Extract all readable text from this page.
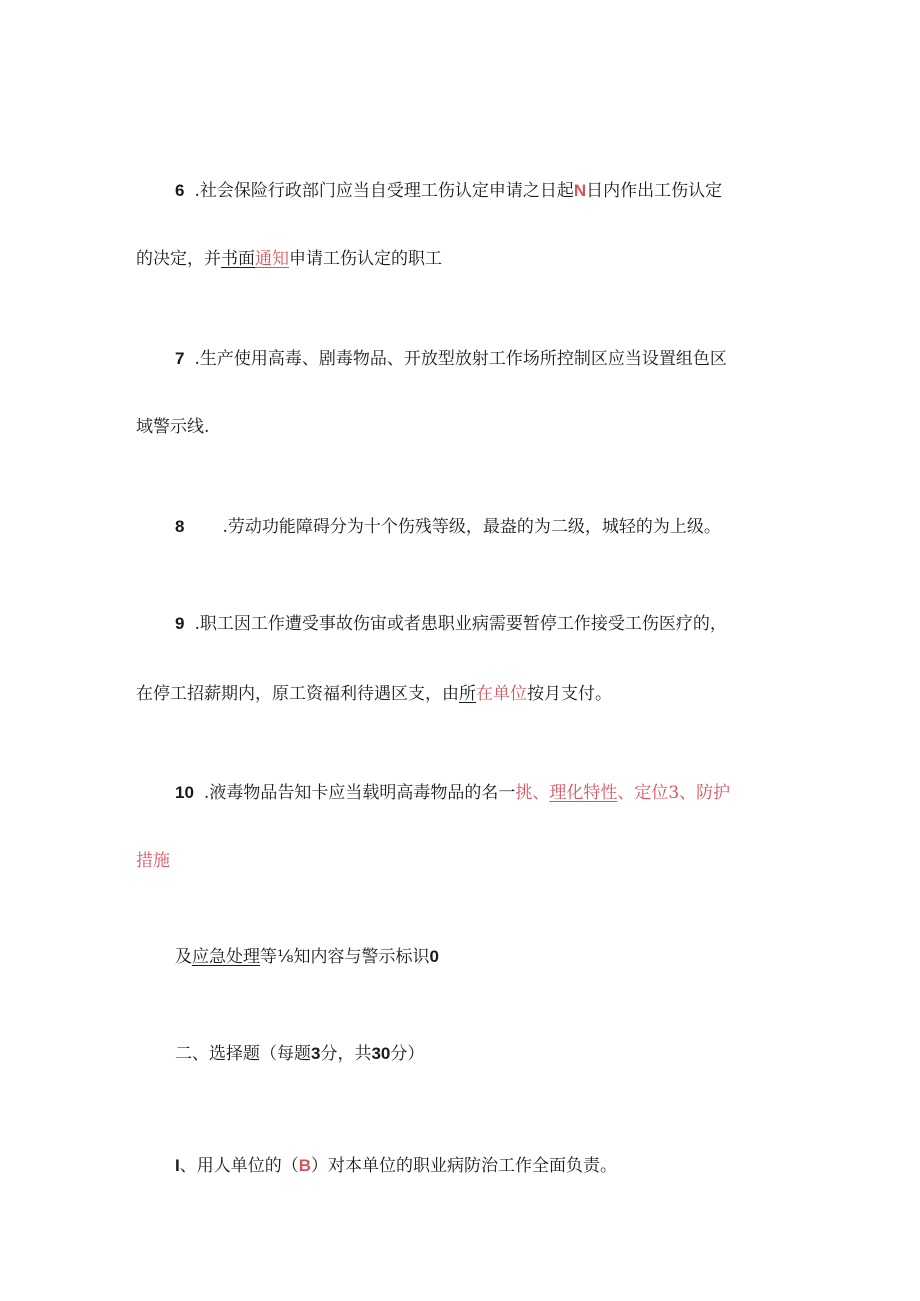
6 .社会保险行政部门应当自受理工伤认定申请之日起N日内作出工伤认定
的决定，并书面通知申请工伤认定的职工
7 .生产使用高毒、剧毒物品、开放型放射工作场所控制区应当设置组色区
域警示线.
8 .劳动功能障碍分为十个伤残等级，最盎的为二级，城轻的为上级。
9 .职工因工作遭受事故伤宙或者患职业病需要暂停工作接受工伤医疗的，
在停工招薪期内，原工资福利待遇区支，由所在单位按月支付。
10 .液毒物品告知卡应当载明高毒物品的名一挑、理化特性、定位3、防护
措施
及应急处理等⅛知内容与警示标识0
二、选择题（每题3分，共30分）
I、用人单位的（B）对本单位的职业病防治工作全面负责。
